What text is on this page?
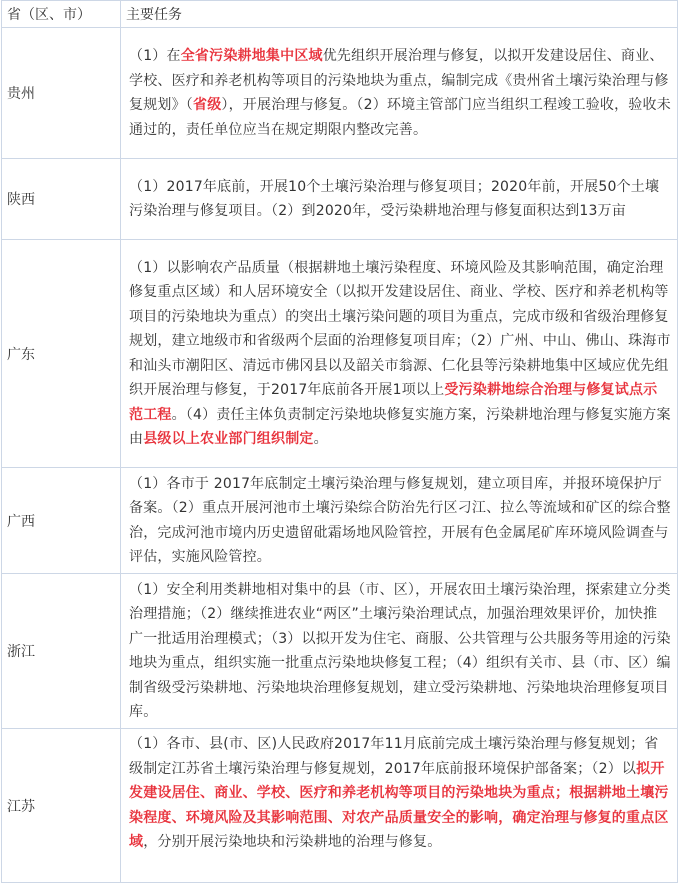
省（区、市）	主要任务
贵州	（1）在全省污染耕地集中区域优先组织开展治理与修复，以拟开发建设居住、商业、学校、医疗和养老机构等项目的污染地块为重点，编制完成《贵州省土壤污染治理与修复规划》（省级），开展治理与修复。（2）环境主管部门应当组织工程竣工验收，验收未通过的，责任单位应当在规定期限内整改完善。
陕西	（1）2017年底前，开展10个土壤污染治理与修复项目；2020年前，开展50个土壤污染治理与修复项目。（2）到2020年，受污染耕地治理与修复面积达到13万亩
广东	（1）以影响农产品质量（根据耕地土壤污染程度、环境风险及其影响范围，确定治理修复重点区域）和人居环境安全（以拟开发建设居住、商业、学校、医疗和养老机构等项目的污染地块为重点）的突出土壤污染问题的项目为重点，完成市级和省级治理修复规划，建立地级市和省级两个层面的治理修复项目库；（2）广州、中山、佛山、珠海市和汕头市潮阳区、清远市佛冈县以及韶关市翁源、仁化县等污染耕地集中区域应优先组织开展治理与修复，于2017年底前各开展1项以上受污染耕地综合治理与修复试点示范工程。（4）责任主体负责制定污染地块修复实施方案，污染耕地治理与修复实施方案由县级以上农业部门组织制定。
广西	（1）各市于 2017年底制定土壤污染治理与修复规划，建立项目库，并报环境保护厅备案。（2）重点开展河池市土壤污染综合防治先行区刁江、拉么等流域和矿区的综合整治，完成河池市境内历史遗留砒霜场地风险管控，开展有色金属尾矿库环境风险调查与评估，实施风险管控。
浙江	（1）安全利用类耕地相对集中的县（市、区），开展农田土壤污染治理，探索建立分类治理措施；（2）继续推进农业“两区”土壤污染治理试点，加强治理效果评价，加快推广一批适用治理模式；（3）以拟开发为住宅、商服、公共管理与公共服务等用途的污染地块为重点，组织实施一批重点污染地块修复工程；（4）组织有关市、县（市、区）编制省级受污染耕地、污染地块治理修复规划，建立受污染耕地、污染地块治理修复项目库。
江苏	（1）各市、县(市、区)人民政府2017年11月底前完成土壤污染治理与修复规划；省级制定江苏省土壤污染治理与修复规划，2017年底前报环境保护部备案；（2）以拟开发建设居住、商业、学校、医疗和养老机构等项目的污染地块为重点；根据耕地土壤污染程度、环境风险及其影响范围、对农产品质量安全的影响，确定治理与修复的重点区域，分别开展污染地块和污染耕地的治理与修复。
